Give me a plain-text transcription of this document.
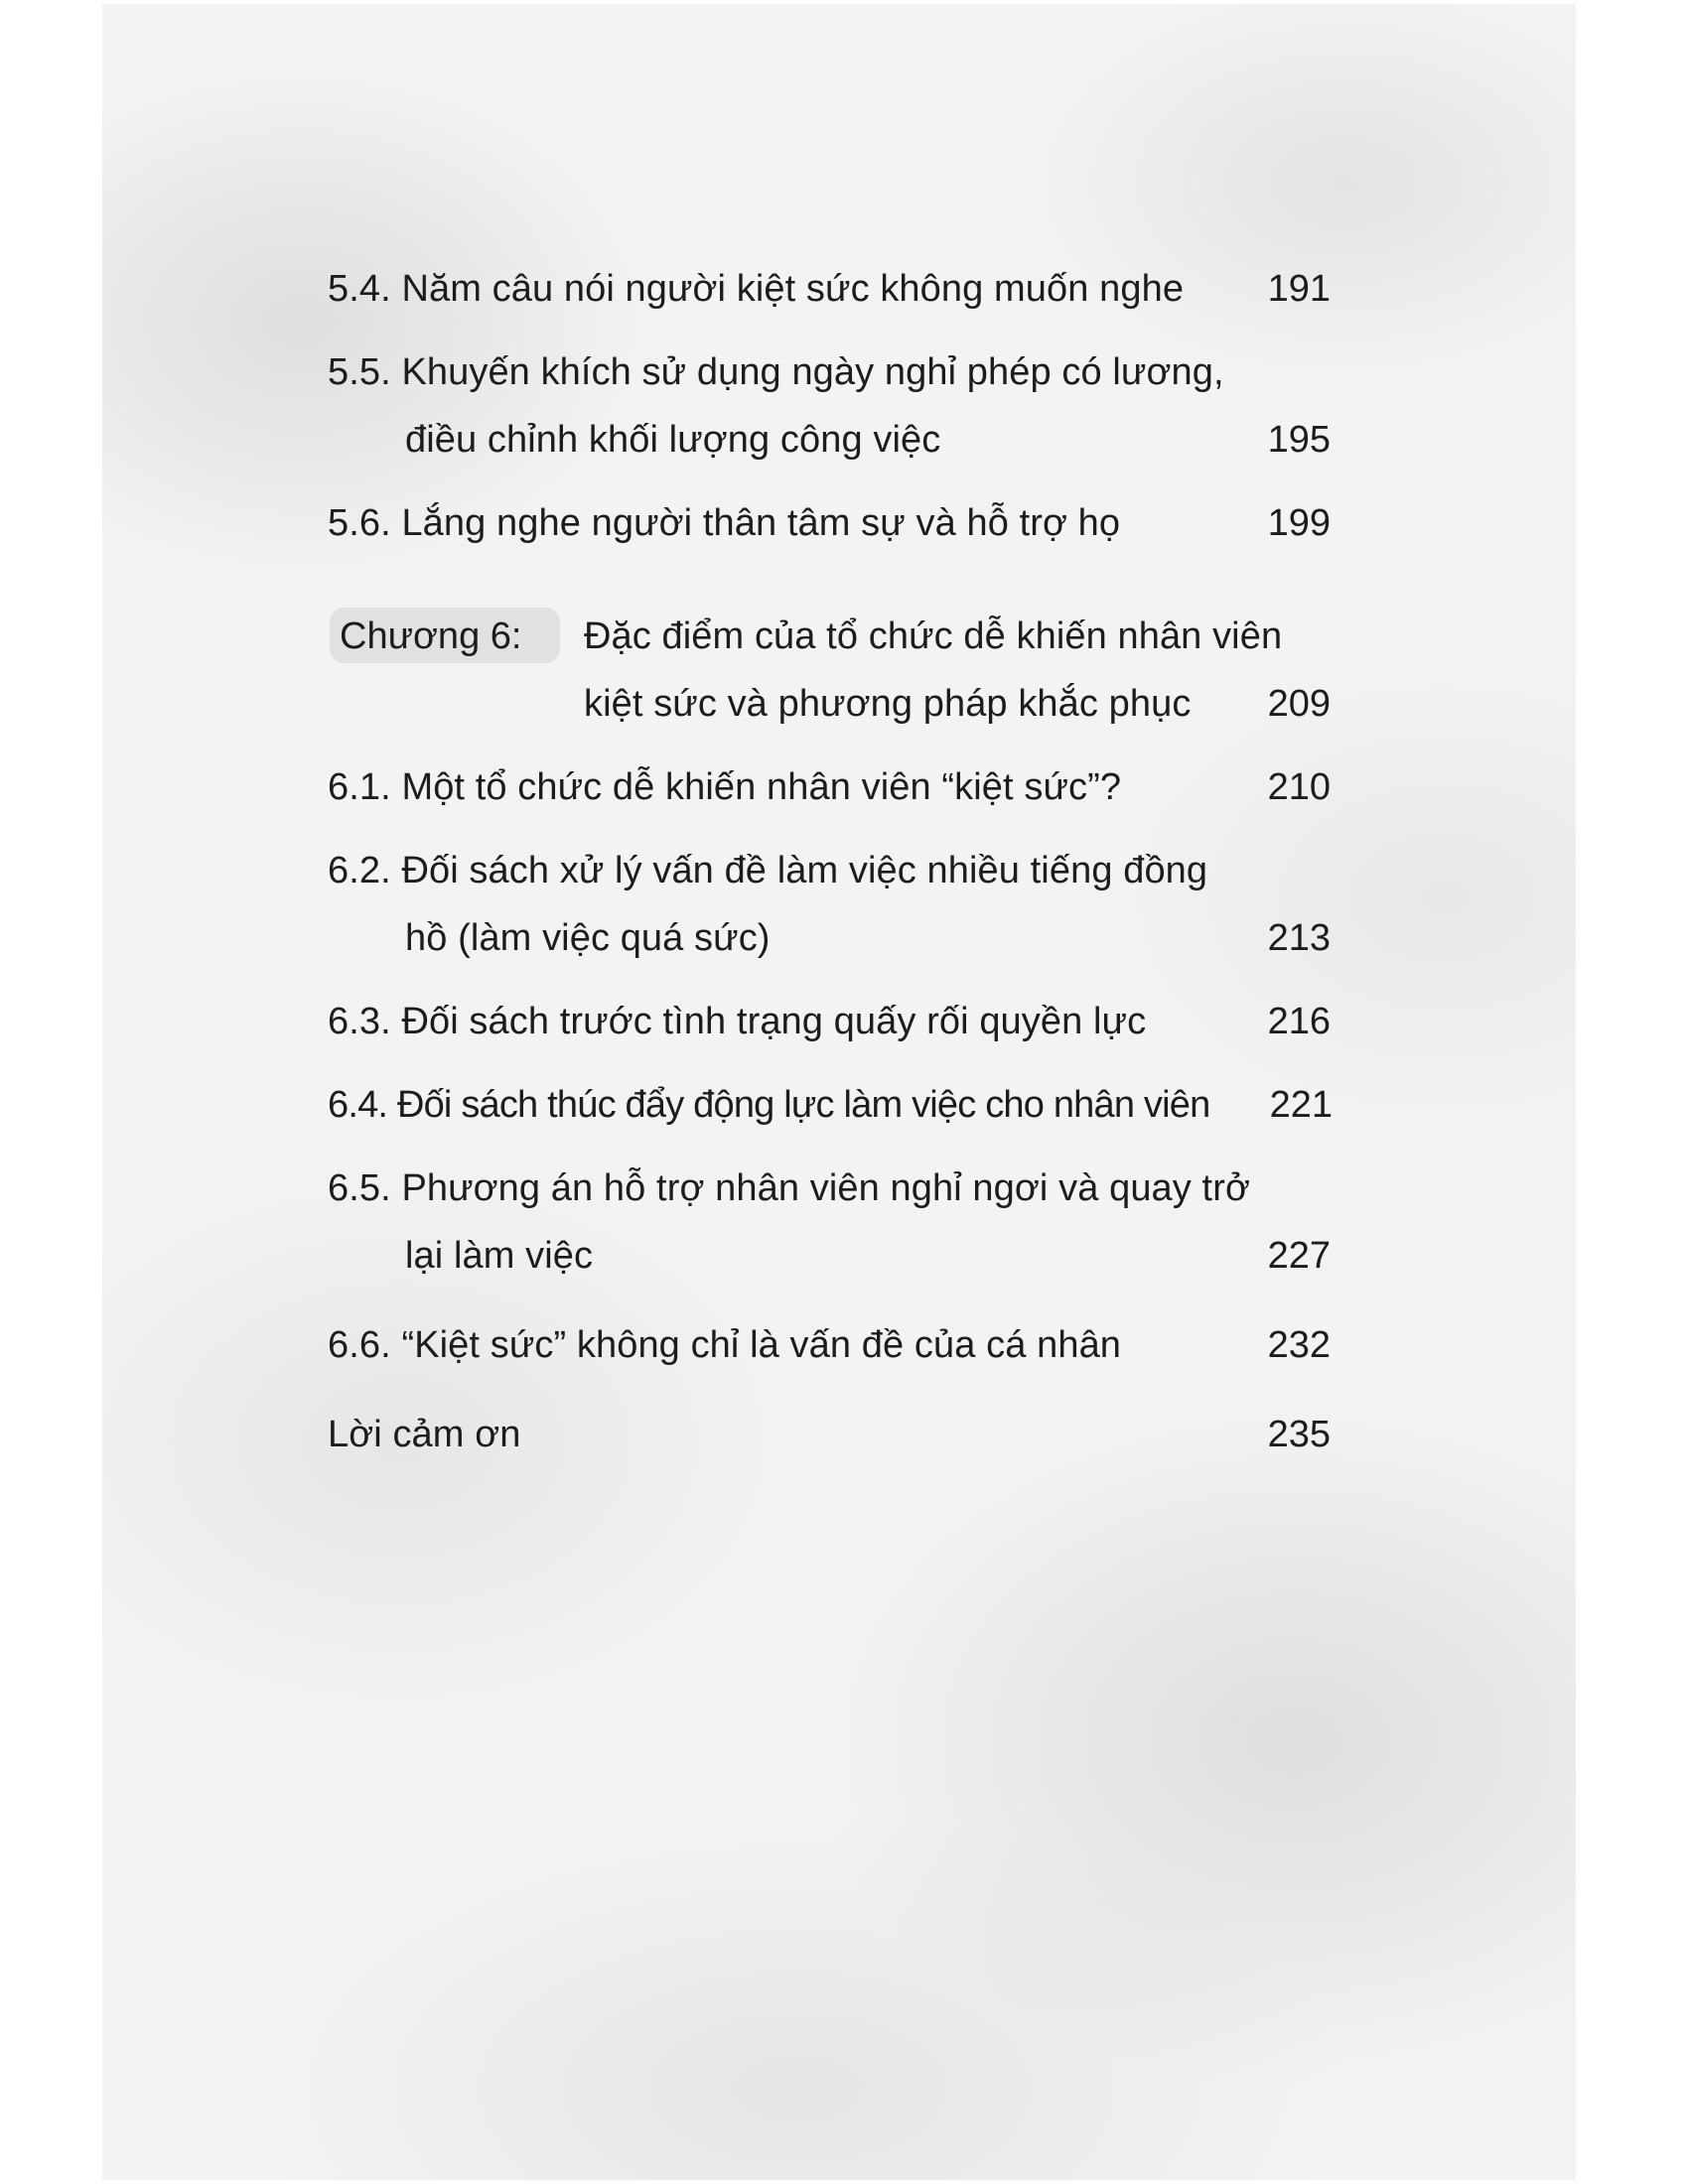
5.4. Năm câu nói người kiệt sức không muốn nghe	191
5.5. Khuyến khích sử dụng ngày nghỉ phép có lương,
điều chỉnh khối lượng công việc	195
5.6. Lắng nghe người thân tâm sự và hỗ trợ họ	199
Chương 6: Đặc điểm của tổ chức dễ khiến nhân viên
kiệt sức và phương pháp khắc phục	209
6.1. Một tổ chức dễ khiến nhân viên “kiệt sức”?	210
6.2. Đối sách xử lý vấn đề làm việc nhiều tiếng đồng
hồ (làm việc quá sức)	213
6.3. Đối sách trước tình trạng quấy rối quyền lực	216
6.4. Đối sách thúc đẩy động lực làm việc cho nhân viên	221
6.5. Phương án hỗ trợ nhân viên nghỉ ngơi và quay trở
lại làm việc	227
6.6. “Kiệt sức” không chỉ là vấn đề của cá nhân	232
Lời cảm ơn	235
